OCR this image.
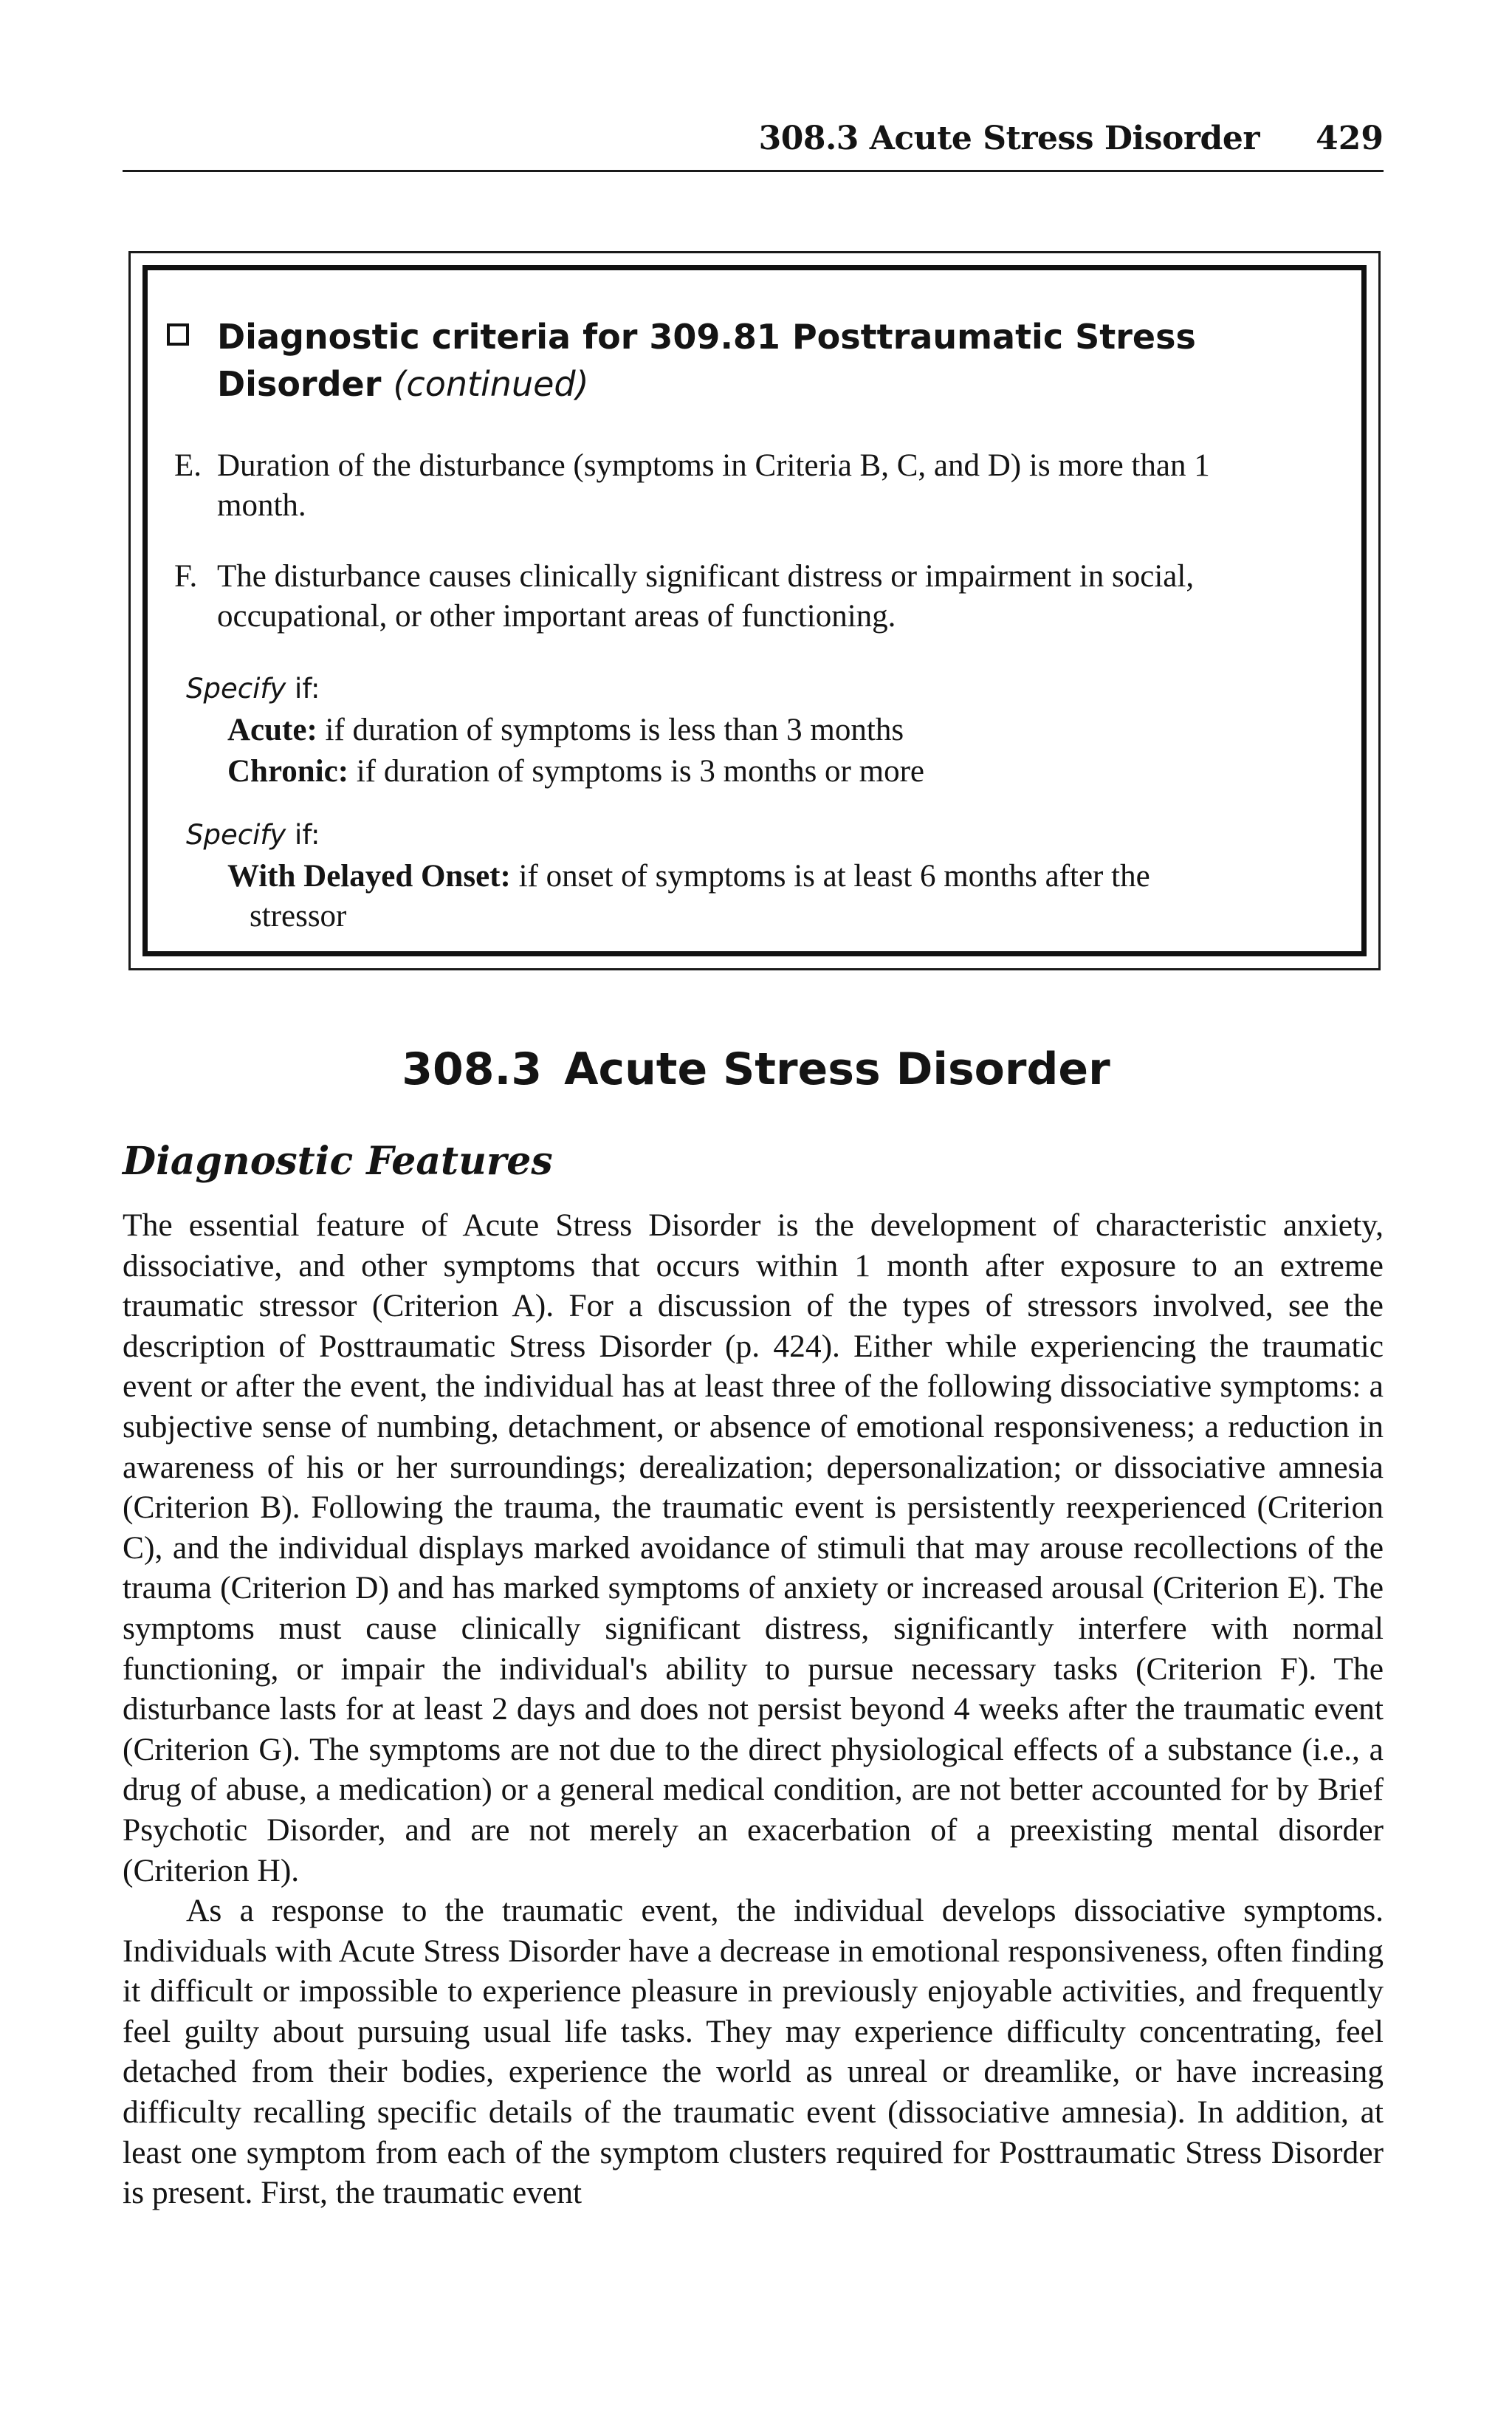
308.3 Acute Stress Disorder 429
Diagnostic criteria for 309.81 Posttraumatic Stress Disorder (continued)
E. Duration of the disturbance (symptoms in Criteria B, C, and D) is more than 1 month.
F. The disturbance causes clinically significant distress or impairment in social, occupational, or other important areas of functioning.
Specify if:
Acute: if duration of symptoms is less than 3 months
Chronic: if duration of symptoms is 3 months or more
Specify if:
With Delayed Onset: if onset of symptoms is at least 6 months after the
stressor
308.3 Acute Stress Disorder
Diagnostic Features

The essential feature of Acute Stress Disorder is the development of characteristic anxiety, dissociative, and other symptoms that occurs within 1 month after exposure to an extreme traumatic stressor (Criterion A). For a discussion of the types of stressors involved, see the description of Posttraumatic Stress Disorder (p. 424). Either while experiencing the traumatic event or after the event, the individual has at least three of the following dissociative symptoms: a subjective sense of numbing, detachment, or absence of emotional responsiveness; a reduction in awareness of his or her surroundings; derealization; depersonalization; or dissociative amnesia (Criterion B). Following the trauma, the traumatic event is persistently reexperienced (Criterion C), and the individual displays marked avoidance of stimuli that may arouse recollections of the trauma (Criterion D) and has marked symptoms of anxiety or increased arousal (Criterion E). The symptoms must cause clinically significant distress, significantly interfere with normal functioning, or impair the individual's ability to pursue necessary tasks (Criterion F). The disturbance lasts for at least 2 days and does not persist beyond 4 weeks after the traumatic event (Criterion G). The symptoms are not due to the direct physiological effects of a substance (i.e., a drug of abuse, a medication) or a general medical condition, are not better accounted for by Brief Psychotic Disorder, and are not merely an exacerbation of a preexisting mental disorder (Criterion H).

As a response to the traumatic event, the individual develops dissociative symptoms. Individuals with Acute Stress Disorder have a decrease in emotional responsiveness, often finding it difficult or impossible to experience pleasure in previously enjoyable activities, and frequently feel guilty about pursuing usual life tasks. They may experience difficulty concentrating, feel detached from their bodies, experience the world as unreal or dreamlike, or have increasing difficulty recalling specific details of the traumatic event (dissociative amnesia). In addition, at least one symptom from each of the symptom clusters required for Posttraumatic Stress Disorder is present. First, the traumatic event
